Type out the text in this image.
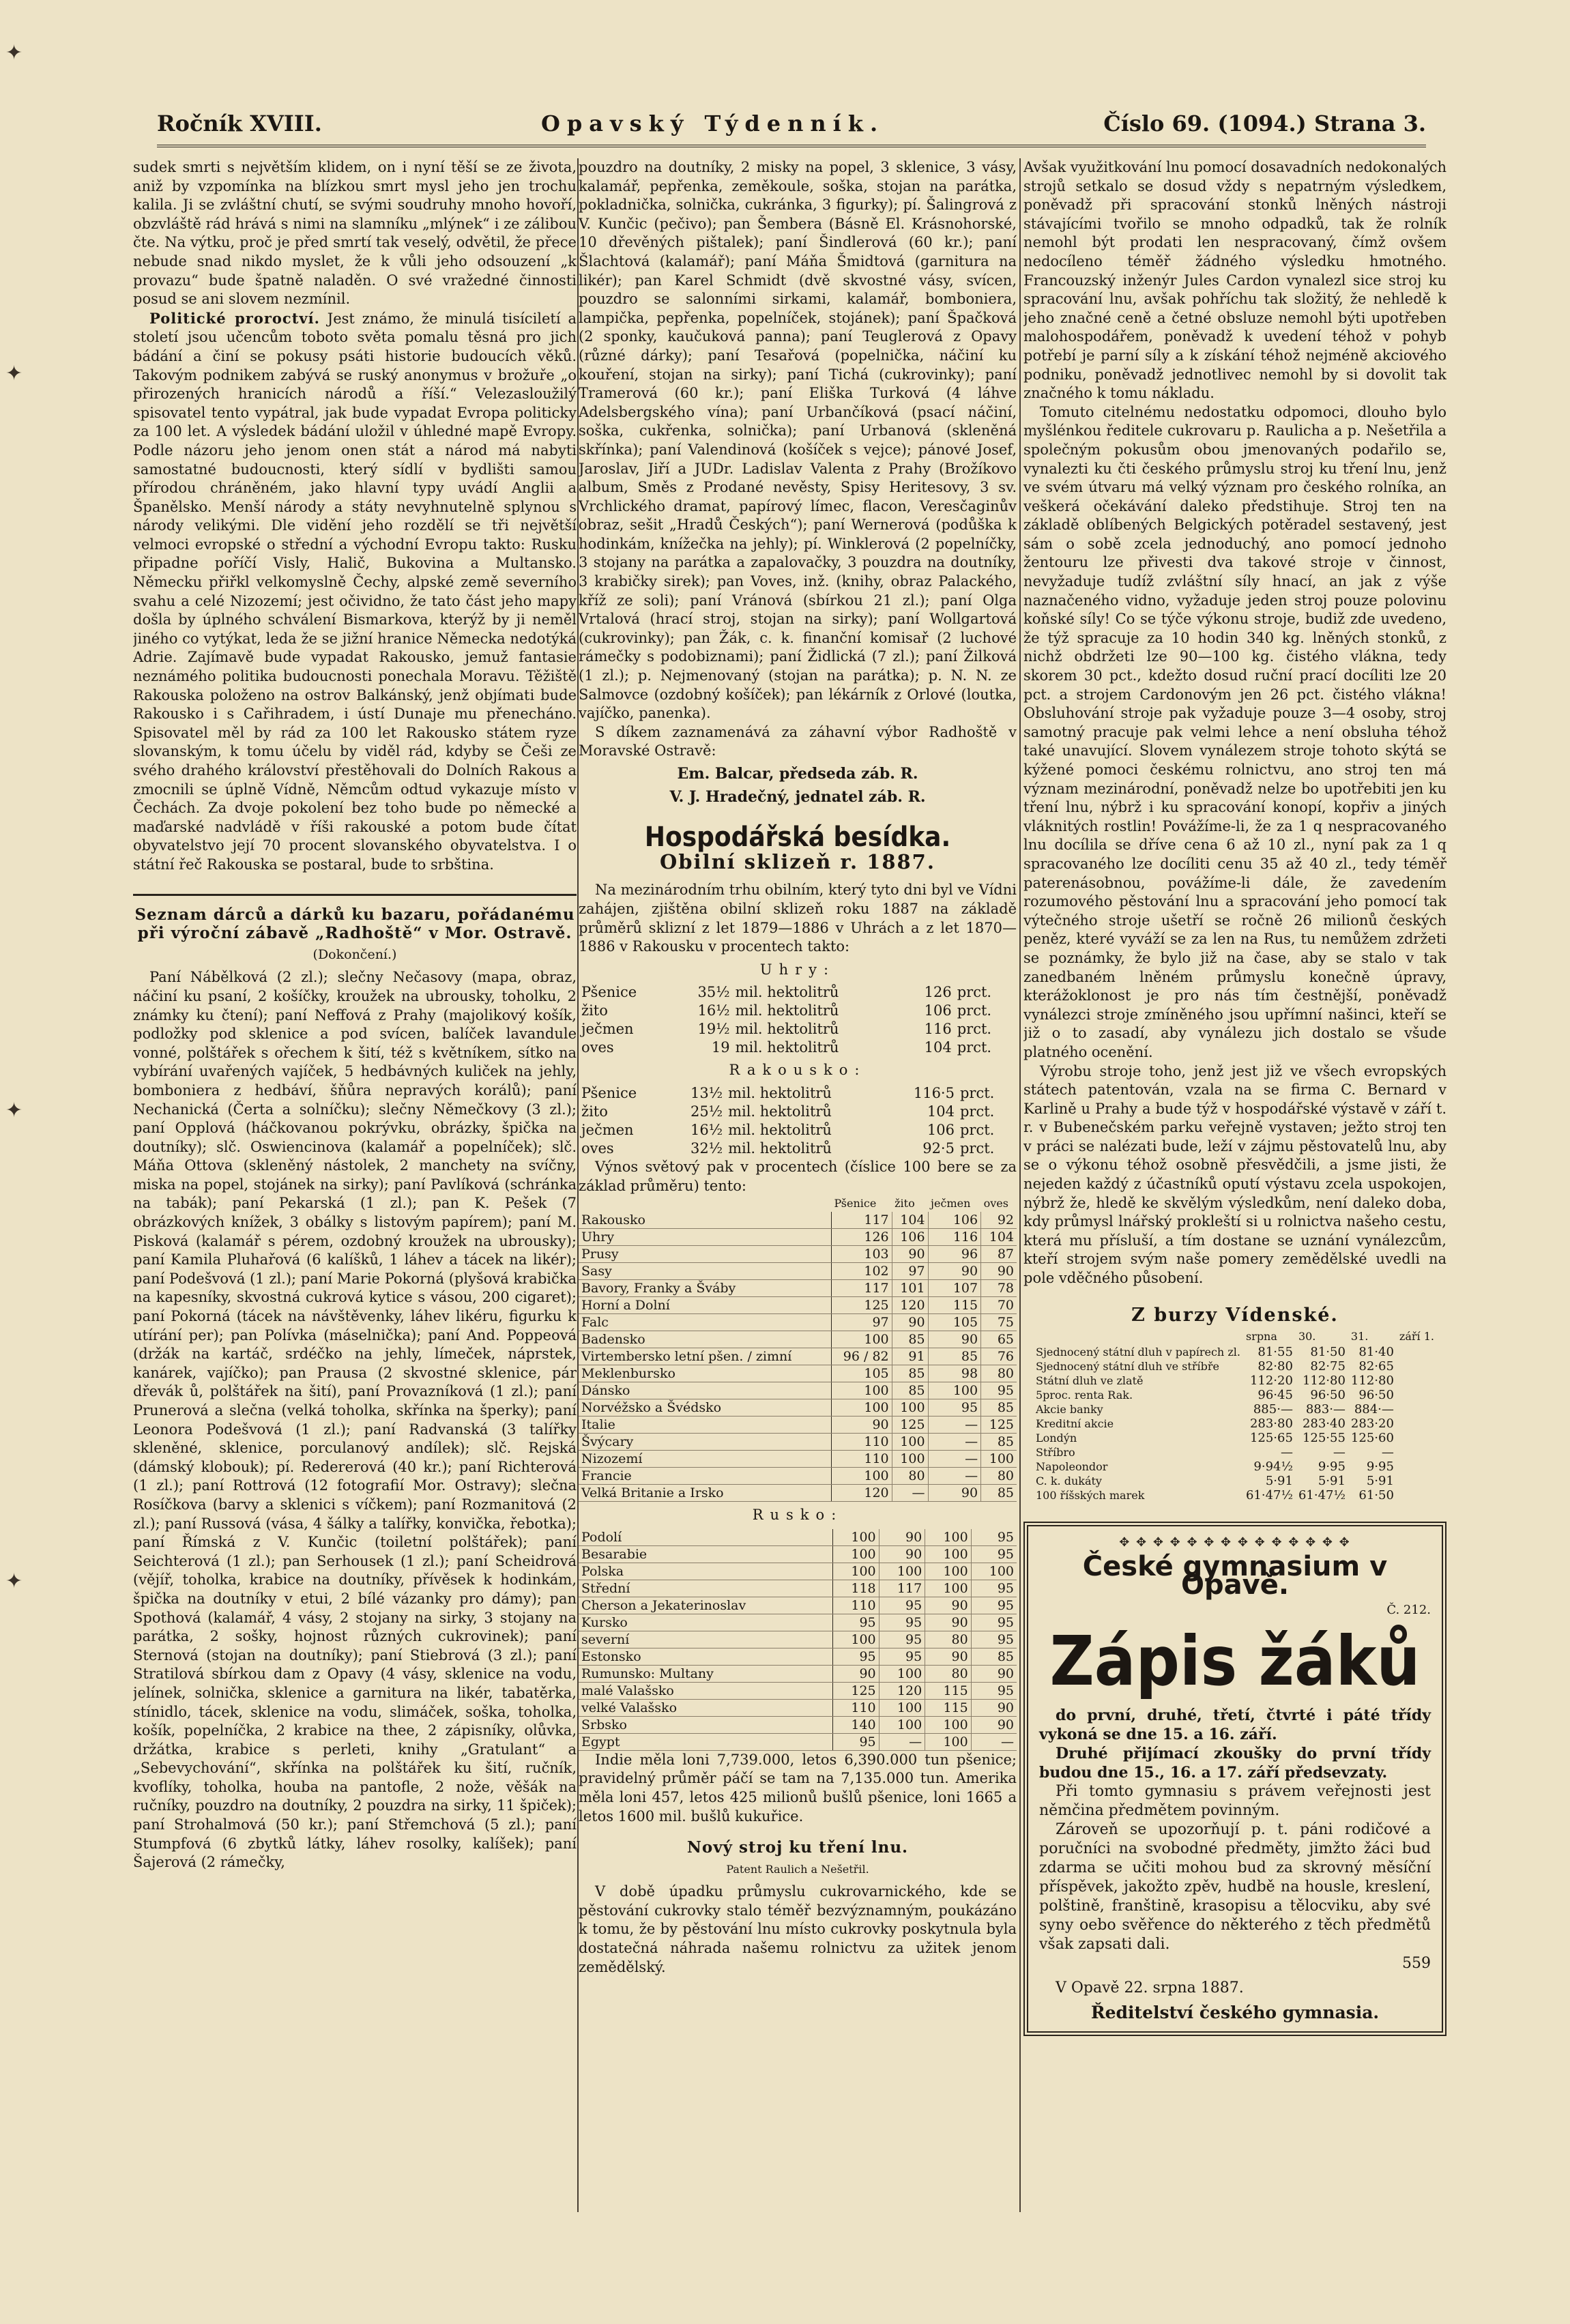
✦
✦
✦
✦
Ročník XVIII.	Opavský Týdenník.	Číslo 69. (1094.) Strana 3.

sudek smrti s největším klidem, on i nyní těší se ze života, aniž by vzpomínka na blízkou smrt mysl jeho jen trochu kalila. Ji se zvláštní chutí, se svými soudruhy mnoho hovoří, obzvláště rád hrává s nimi na slamníku „mlýnek“ i ze zálibou čte. Na výtku, proč je před smrtí tak veselý, odvětil, že přece nebude snad nikdo myslet, že k vůli jeho odsouzení „k provazu“ bude špatně naladěn. O své vražedné činnosti posud se ani slovem nezmínil.

Politické proroctví. Jest známo, že minulá tisíciletí a století jsou učencům toboto světa pomalu těsná pro jich bádání a činí se pokusy psáti historie budoucích věků. Takovým podnikem zabývá se ruský anonymus v brožuře „o přirozených hranicích národů a říší.“ Velezasloužilý spisovatel tento vypátral, jak bude vypadat Evropa politicky za 100 let. A výsledek bádání uložil v úhledné mapě Evropy. Podle názoru jeho jenom onen stát a národ má nabyti samostatné budoucnosti, který sídlí v bydlišti samou přírodou chráněném, jako hlavní typy uvádí Anglii a Španělsko. Menší národy a státy nevyhnutelně splynou s národy velikými. Dle vidění jeho rozdělí se tři největší velmoci evropské o střední a východní Evropu takto: Rusku připadne poříčí Visly, Halič, Bukovina a Multansko. Německu přiřkl velkomyslně Čechy, alpské země severního svahu a celé Nizozemí; jest očividno, že tato část jeho mapy došla by úplného schválení Bismarkova, kterýž by ji neměl jiného co vytýkat, leda že se jižní hranice Německa nedotýká Adrie. Zajímavě bude vypadat Rakousko, jemuž fantasie neznámého politika budoucnosti ponechala Moravu. Těžiště Rakouska položeno na ostrov Balkánský, jenž objímati bude Rakousko i s Cařihradem, i ústí Dunaje mu přenecháno. Spisovatel měl by rád za 100 let Rakousko státem ryze slovanským, k tomu účelu by viděl rád, kdyby se Češi ze svého drahého království přestěhovali do Dolních Rakous a zmocnili se úplně Vídně, Němcům odtud vykazuje místo v Čechách. Za dvoje pokolení bez toho bude po německé a maďarské nadvládě v říši rakouské a potom bude čítat obyvatelstvo její 70 procent slovanského obyvatelstva. I o státní řeč Rakouska se postaral, bude to srbština.

Seznam dárců a dárků ku bazaru, pořádanému při výroční zábavě „Radhoště“ v Mor. Ostravě.
(Dokončení.)

Paní Nábělková (2 zl.); slečny Nečasovy (mapa, obraz, náčiní ku psaní, 2 košíčky, kroužek na ubrousky, toholku, 2 známky ku čtení); paní Neffová z Prahy (majolikový košík, podložky pod sklenice a pod svícen, balíček lavandule vonné, polštářek s ořechem k šití, též s květníkem, sítko na vybírání uvařených vajíček, 5 hedbávných kuliček na jehly, bomboniera z hedbáví, šňůra nepravých korálů); paní Nechanická (Čerta a solníčku); slečny Němečkovy (3 zl.); paní Opplová (háčkovanou pokrývku, obrázky, špička na doutníky); slč. Oswiencinova (kalamář a popelníček); slč. Máňa Ottova (skleněný nástolek, 2 manchety na svíčny, miska na popel, stojánek na sirky); paní Pavlíková (schránka na tabák); paní Pekarská (1 zl.); pan K. Pešek (7 obrázkových knížek, 3 obálky s listovým papírem); paní M. Pisková (kalamář s pérem, ozdobný kroužek na ubrousky); paní Kamila Pluhařová (6 kalíšků, 1 láhev a tácek na likér); paní Podešvová (1 zl.); paní Marie Pokorná (plyšová krabička na kapesníky, skvostná cukrová kytice s vásou, 200 cigaret); paní Pokorná (tácek na návštěvenky, láhev likéru, figurku k utírání per); pan Polívka (máselnička); paní And. Poppeová (držák na kartáč, srdéčko na jehly, límeček, náprstek, kanárek, vajíčko); pan Prausa (2 skvostné sklenice, pár dřevák ů, polštářek na šití), paní Provazníková (1 zl.); paní Prunerová a slečna (velká toholka, skřínka na šperky); paní Leonora Podešvová (1 zl.); paní Radvanská (3 talířky skleněné, sklenice, porculanový andílek); slč. Rejská (dámský klobouk); pí. Redererová (40 kr.); paní Richterová (1 zl.); paní Rottrová (12 fotografií Mor. Ostravy); slečna Rosíčkova (barvy a sklenici s víčkem); paní Rozmanitová (2 zl.); paní Russová (vása, 4 šálky a talířky, konvička, řebotka); paní Římská z V. Kunčic (toiletní polštářek); paní Seichterová (1 zl.); pan Serhousek (1 zl.); paní Scheidrová (vějíř, toholka, krabice na doutníky, přívěsek k hodinkám, špička na doutníky v etui, 2 bílé vázanky pro dámy); pan Spothová (kalamář, 4 vásy, 2 stojany na sirky, 3 stojany na parátka, 2 sošky, hojnost různých cukrovinek); paní Sternová (stojan na doutníky); paní Stiebrová (3 zl.); paní Stratilová sbírkou dam z Opavy (4 vásy, sklenice na vodu, jelínek, solnička, sklenice a garnitura na likér, tabatěrka, stínidlo, tácek, sklenice na vodu, slimáček, soška, toholka, košík, popelníčka, 2 krabice na thee, 2 zápisníky, olůvka, držátka, krabice s perleti, knihy „Gratulant“ a „Sebevychování“, skřínka na polštářek ku šití, ručník, kvoflíky, toholka, houba na pantofle, 2 nože, věšák na ručníky, pouzdro na doutníky, 2 pouzdra na sirky, 11 špiček); paní Strohalmová (50 kr.); paní Střemchová (5 zl.); paní Stumpfová (6 zbytků látky, láhev rosolky, kalíšek); paní Šajerová (2 rámečky,

pouzdro na doutníky, 2 misky na popel, 3 sklenice, 3 vásy, kalamář, pepřenka, zeměkoule, soška, stojan na parátka, pokladnička, solnička, cukránka, 3 figurky); pí. Šalingrová z V. Kunčic (pečivo); pan Šembera (Básně El. Krásnohorské, 10 dřevěných pištalek); paní Šindlerová (60 kr.); paní Šlachtová (kalamář); paní Máňa Šmidtová (garnitura na likér); pan Karel Schmidt (dvě skvostné vásy, svícen, pouzdro se salonními sirkami, kalamář, bomboniera, lampička, pepřenka, popelníček, stojánek); paní Špačková (2 sponky, kaučuková panna); paní Teuglerová z Opavy (různé dárky); paní Tesařová (popelnička, náčiní ku kouření, stojan na sirky); paní Tichá (cukrovinky); paní Tramerová (60 kr.); paní Eliška Turková (4 láhve Adelsbergského vína); paní Urbančíková (psací náčiní, soška, cukřenka, solnička); paní Urbanová (skleněná skřínka); paní Valendinová (košíček s vejce); pánové Josef, Jaroslav, Jiří a JUDr. Ladislav Valenta z Prahy (Brožíkovo album, Směs z Prodané nevěsty, Spisy Heritesovy, 3 sv. Vrchlického dramat, papírový límec, flacon, Veresčaginův obraz, sešit „Hradů Českých“); paní Wernerová (podůška k hodinkám, knížečka na jehly); pí. Winklerová (2 popelníčky, 3 stojany na parátka a zapalovačky, 3 pouzdra na doutníky, 3 krabičky sirek); pan Voves, inž. (knihy, obraz Palackého, kříž ze soli); paní Vránová (sbírkou 21 zl.); paní Olga Vrtalová (hrací stroj, stojan na sirky); paní Wollgartová (cukrovinky); pan Žák, c. k. finanční komisař (2 luchové rámečky s podobiznami); paní Židlická (7 zl.); paní Žilková (1 zl.); p. Nejmenovaný (stojan na parátka); p. N. N. ze Salmovce (ozdobný košíček); pan lékárník z Orlové (loutka, vajíčko, panenka).

S díkem zaznamenává za záhavní výbor Radhoště v Moravské Ostravě:

Em. Balcar, předseda záb. R.
V. J. Hradečný, jednatel záb. R.
Hospodářská besídka.
Obilní sklizeň r. 1887.

Na mezinárodním trhu obilním, který tyto dni byl ve Vídni zahájen, zjištěna obilní sklizeň roku 1887 na základě průměrů sklizní z let 1879—1886 v Uhrách a z let 1870—1886 v Rakousku v procentech takto:

Uhry:
Pšenice	35½	mil. hektolitrů	126	prct.
žito	16½	mil. hektolitrů	106	prct.
ječmen	19½	mil. hektolitrů	116	prct.
oves	19	mil. hektolitrů	104	prct.
Rakousko:
Pšenice	13½	mil. hektolitrů	116·5	prct.
žito	25½	mil. hektolitrů	104	prct.
ječmen	16½	mil. hektolitrů	106	prct.
oves	32½	mil. hektolitrů	92·5	prct.

Výnos světový pak v procentech (číslice 100 bere se za základ průměru) tento:

	Pšenice	žito	ječmen	oves
Rakousko	117	104	106	92
Uhry	126	106	116	104
Prusy	103	90	96	87
Sasy	102	97	90	90
Bavory, Franky a Šváby	117	101	107	78
Horní a Dolní	125	120	115	70
Falc	97	90	105	75
Badensko	100	85	90	65
Virtembersko letní pšen. / zimní	96 / 82	91	85	76
Meklenbursko	105	85	98	80
Dánsko	100	85	100	95
Norvéžsko a Švédsko	100	100	95	85
Italie	90	125	—	125
Švýcary	110	100	—	85
Nizozemí	110	100	—	100
Francie	100	80	—	80
Velká Britanie a Irsko	120	—	90	85
Rusko:
Podolí	100	90	100	95
Besarabie	100	90	100	95
Polska	100	100	100	100
Střední	118	117	100	95
Cherson a Jekaterinoslav	110	95	90	95
Kursko	95	95	90	95
severní	100	95	80	95
Estonsko	95	95	90	85
Rumunsko: Multany	90	100	80	90
malé Valašsko	125	120	115	95
velké Valašsko	110	100	115	90
Srbsko	140	100	100	90
Egypt	95	—	100	—

Indie měla loni 7,739.000, letos 6,390.000 tun pšenice; pravidelný průměr páčí se tam na 7,135.000 tun. Amerika měla loni 457, letos 425 milionů bušlů pšenice, loni 1665 a letos 1600 mil. bušlů kukuřice.

Nový stroj ku tření lnu.
Patent Raulich a Nešetřil.

V době úpadku průmyslu cukrovarnického, kde se pěstování cukrovky stalo téměř bezvýznamným, poukázáno k tomu, že by pěstování lnu místo cukrovky poskytnula byla dostatečná náhrada našemu rolnictvu za užitek jenom zemědělský.

Avšak využitkování lnu pomocí dosavadních nedokonalých strojů setkalo se dosud vždy s nepatrným výsledkem, poněvadž při spracování stonků lněných nástroji stávajícími tvořilo se mnoho odpadků, tak že rolník nemohl být prodati len nespracovaný, čímž ovšem nedocíleno téměř žádného výsledku hmotného. Francouzský inženýr Jules Cardon vynalezl sice stroj ku spracování lnu, avšak pohříchu tak složitý, že nehledě k jeho značné ceně a četné obsluze nemohl býti upotřeben malohospodářem, poněvadž k uvedení téhož v pohyb potřebí je parní síly a k získání téhož nejméně akciového podniku, poněvadž jednotlivec nemohl by si dovolit tak značného k tomu nákladu.

Tomuto citelnému nedostatku odpomoci, dlouho bylo myšlénkou ředitele cukrovaru p. Raulicha a p. Nešetřila a společným pokusům obou jmenovaných podařilo se, vynalezti ku čti českého průmyslu stroj ku tření lnu, jenž ve svém útvaru má velký význam pro českého rolníka, an veškerá očekávání daleko předstihuje. Stroj ten na základě oblíbených Belgických potěradel sestavený, jest sám o sobě zcela jednoduchý, ano pomocí jednoho žentouru lze přivesti dva takové stroje v činnost, nevyžaduje tudíž zvláštní síly hnací, an jak z výše naznačeného vidno, vyžaduje jeden stroj pouze polovinu koňské síly! Co se týče výkonu stroje, budiž zde uvedeno, že týž spracuje za 10 hodin 340 kg. lněných stonků, z nichž obdržeti lze 90—100 kg. čistého vlákna, tedy skorem 30 pct., kdežto dosud ruční prací docíliti lze 20 pct. a strojem Cardonovým jen 26 pct. čistého vlákna! Obsluhování stroje pak vyžaduje pouze 3—4 osoby, stroj samotný pracuje pak velmi lehce a není obsluha téhož také unavující. Slovem vynálezem stroje tohoto skýtá se kýžené pomoci českému rolnictvu, ano stroj ten má význam mezinárodní, poněvadž nelze bo upotřebiti jen ku tření lnu, nýbrž i ku spracování konopí, kopřiv a jiných vláknitých rostlin! Povážíme-li, že za 1 q nespracovaného lnu docílila se dříve cena 6 až 10 zl., nyní pak za 1 q spracovaného lze docíliti cenu 35 až 40 zl., tedy téměř paterenásobnou, povážíme-li dále, že zavedením rozumového pěstování lnu a spracování jeho pomocí tak výtečného stroje ušetří se ročně 26 milionů českých peněz, které vyváží se za len na Rus, tu nemůžem zdržeti se poznámky, že bylo již na čase, aby se stalo v tak zanedbaném lněném průmyslu konečně úpravy, kterážoklonost je pro nás tím čestnější, poněvadž vynálezci stroje zmíněného jsou upřímní našinci, kteří se již o to zasadí, aby vynálezu jich dostalo se všude platného ocenění.

Výrobu stroje toho, jenž jest již ve všech evropských státech patentován, vzala na se firma C. Bernard v Karlině u Prahy a bude týž v hospodářské výstavě v září t. r. v Bubenečském parku veřejně vystaven; ježto stroj ten v práci se nalézati bude, leží v zájmu pěstovatelů lnu, aby se o výkonu téhož osobně přesvědčili, a jsme jisti, že nejeden každý z účastníků oputí výstavu zcela uspokojen, nýbrž že, hledě ke skvělým výsledkům, není daleko doba, kdy průmysl lnářský prokleští si u rolnictva našeho cestu, která mu přísluší, a tím dostane se uznání vynálezcům, kteří strojem svým naše pomery zemědělské uvedli na pole vděčného působení.

Z burzy Vídenské.
	srpna	30.	31.	září 1.
Sjednocený státní dluh v papírech zl.	81·55	81·50	81·40	
Sjednocený státní dluh ve stříbře	82·80	82·75	82·65	
Státní dluh ve zlatě	112·20	112·80	112·80	
5proc. renta Rak.	96·45	96·50	96·50	
Akcie banky	885·—	883·—	884·—	
Kreditní akcie	283·80	283·40	283·20	
Londýn	125·65	125·55	125·60	
Stříbro	—	—	—	
Napoleondor	9·94½	9·95	9·95	
C. k. dukáty	5·91	5·91	5·91	
100 říšských marek	61·47½	61·47½	61·50	
✥ ✥ ✥ ✥ ✥ ✥ ✥ ✥ ✥ ✥ ✥ ✥ ✥ ✥
České gymnasium v Opavě.
Č. 212.
Zápis žáků

do první, druhé, třetí, čtvrté i páté třídy vykoná se dne 15. a 16. září.

Druhé přijímací zkoušky do první třídy budou dne 15., 16. a 17. září předsevzaty.

Při tomto gymnasiu s právem veřejnosti jest němčina předmětem povinným.

Zároveň se upozorňují p. t. páni rodičové a poručníci na svobodné předměty, jimžto žáci bud zdarma se učiti mohou bud za skrovný měsíční příspěvek, jakožto zpěv, hudbě na housle, kreslení, polštině, franštině, krasopisu a tělocviku, aby své syny oebo svěřence do některého z těch předmětů však zapsati dali.

559

V Opavě 22. srpna 1887.

Ředitelství českého gymnasia.
